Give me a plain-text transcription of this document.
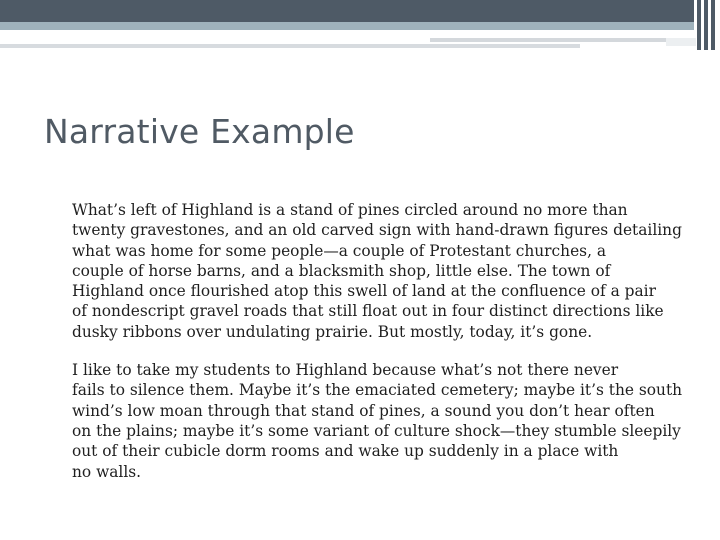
Narrative Example

What’s left of Highland is a stand of pines circled around no more than
twenty gravestones, and an old carved sign with hand-drawn figures detailing
what was home for some people—a couple of Protestant churches, a
couple of horse barns, and a blacksmith shop, little else. The town of
Highland once flourished atop this swell of land at the confluence of a pair
of nondescript gravel roads that still float out in four distinct directions like
dusky ribbons over undulating prairie. But mostly, today, it’s gone.

I like to take my students to Highland because what’s not there never
fails to silence them. Maybe it’s the emaciated cemetery; maybe it’s the south
wind’s low moan through that stand of pines, a sound you don’t hear often
on the plains; maybe it’s some variant of culture shock—they stumble sleepily
out of their cubicle dorm rooms and wake up suddenly in a place with
no walls.
